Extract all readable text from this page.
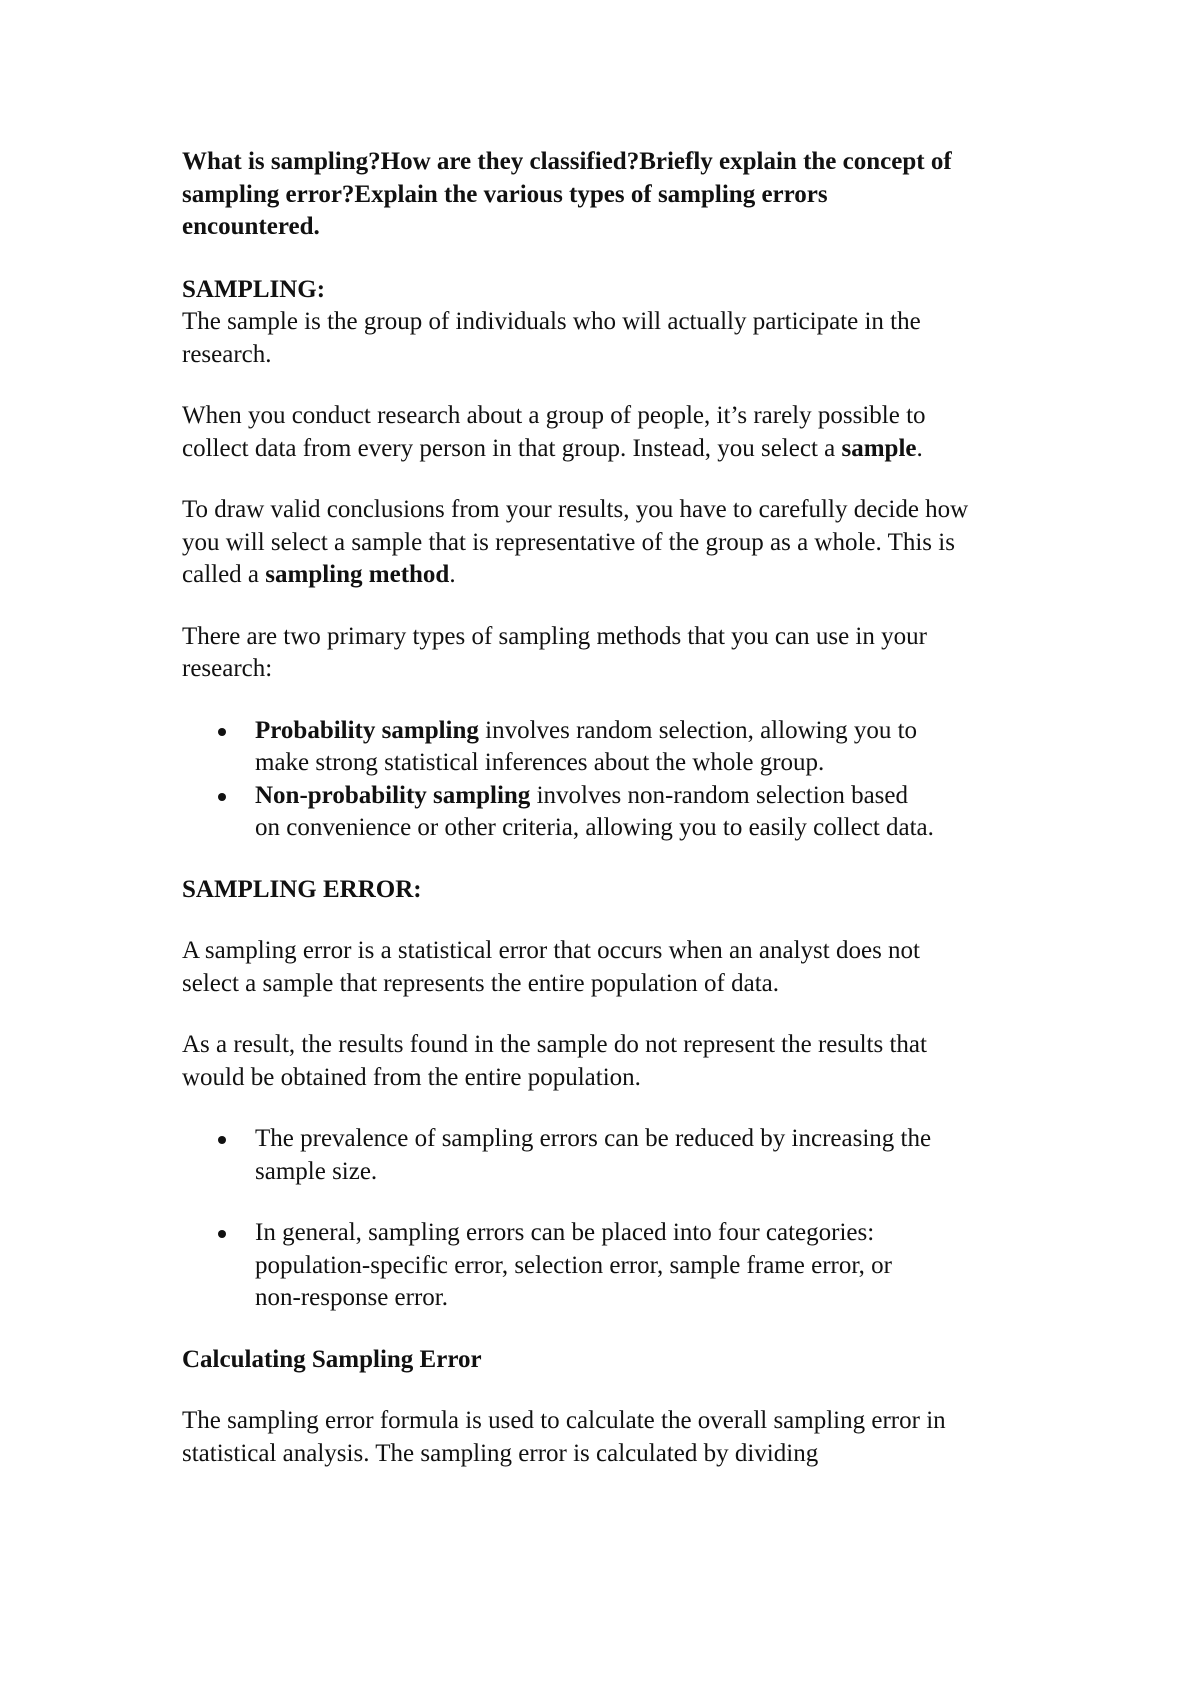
What is sampling?How are they classified?Briefly explain the concept of sampling error?Explain the various types of sampling errors encountered.

SAMPLING:

The sample is the group of individuals who will actually participate in the research.

When you conduct research about a group of people, it’s rarely possible to collect data from every person in that group. Instead, you select a sample.

To draw valid conclusions from your results, you have to carefully decide how you will select a sample that is representative of the group as a whole. This is called a sampling method.

There are two primary types of sampling methods that you can use in your research:

Probability sampling involves random selection, allowing you to make strong statistical inferences about the whole group.
Non-probability sampling involves non-random selection based on convenience or other criteria, allowing you to easily collect data.

SAMPLING ERROR:

A sampling error is a statistical error that occurs when an analyst does not select a sample that represents the entire population of data.

As a result, the results found in the sample do not represent the results that would be obtained from the entire population.

The prevalence of sampling errors can be reduced by increasing the sample size.
In general, sampling errors can be placed into four categories: population-specific error, selection error, sample frame error, or non-response error.

Calculating Sampling Error

The sampling error formula is used to calculate the overall sampling error in statistical analysis. The sampling error is calculated by dividing
